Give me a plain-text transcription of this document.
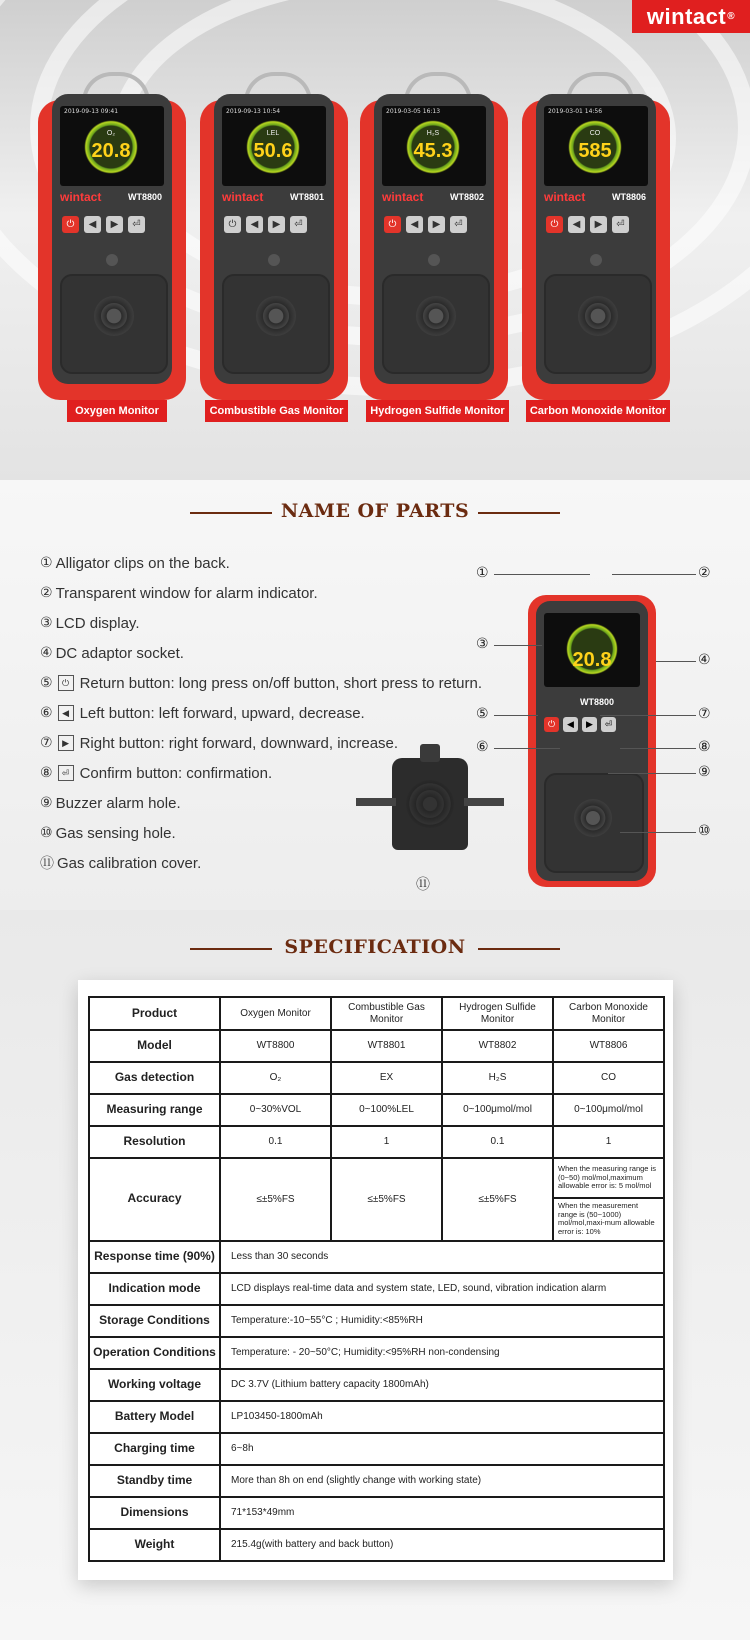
wintact ®
2019-09-13 09:41
O₂
20.8
wintact	WT8800
⏻	◀	▶	⏎
2019-09-13 10:54
LEL
50.6
wintact	WT8801
⏻	◀	▶	⏎
2019-03-05 16:13
H₂S
45.3
wintact	WT8802
⏻	◀	▶	⏎
2019-03-01 14:56
CO
585
wintact	WT8806
⏻	◀	▶	⏎
Oxygen Monitor	Combustible Gas Monitor	Hydrogen Sulfide Monitor	Carbon Monoxide Monitor
NAME OF PARTS
① Alligator clips on the back.
② Transparent window for alarm indicator.
③ LCD display.
④ DC adaptor socket.
⑤	⏻ Return button: long press on/off button, short press to return.
⑥	◀ Left button: left forward, upward, decrease.
⑦	▶ Right button: right forward, downward, increase.
⑧	⏎ Confirm button: confirmation.
⑨ Buzzer alarm hole.
⑩ Gas sensing hole.
⑪ Gas calibration cover.
20.8
WT8800
⏻	◀	▶	⏎
①	②
③
④
⑤	⑦
⑥	⑧
⑨
⑩
⑪
SPECIFICATION
Product	Oxygen Monitor	Combustible Gas Monitor	Hydrogen Sulfide Monitor	Carbon Monoxide Monitor
Model	WT8800	WT8801	WT8802	WT8806
Gas detection	O₂	EX	H₂S	CO
Measuring range	0~30%VOL	0~100%LEL	0~100μmol/mol	0~100μmol/mol
Resolution	0.1	1	0.1	1
Accuracy	≤±5%FS	≤±5%FS	≤±5%FS	When the measuring range is (0~50) mol/mol,maximum allowable error is: 5 mol/mol
				When the measurement range is (50~1000) mol/mol,maxi-mum allowable error is: 10%
Response time (90%)	Less than 30 seconds			
Indication mode	LCD displays real-time data and system state, LED, sound, vibration indication alarm			
Storage Conditions	Temperature:-10~55°C ; Humidity:<85%RH			
Operation Conditions	Temperature: - 20~50°C; Humidity:<95%RH non-condensing			
Working voltage	DC 3.7V (Lithium battery capacity 1800mAh)			
Battery Model	LP103450-1800mAh			
Charging time	6~8h			
Standby time	More than 8h on end (slightly change with working state)			
Dimensions	71*153*49mm			
Weight	215.4g(with battery and back button)			
